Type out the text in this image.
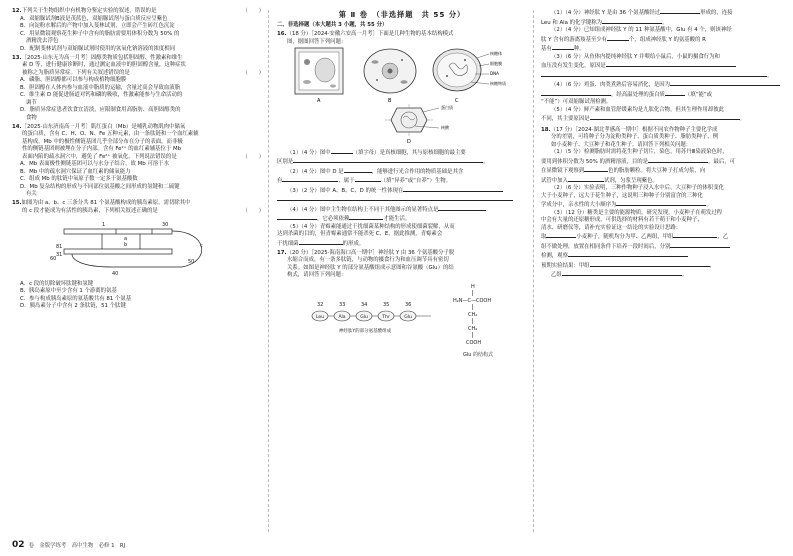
12.下列关于生物组织中有机物分鉴定实验的叙述，错误的是	（　　）
A．双缩脲试剂B液是茂蓝色，双缩脲试剂与蛋白质反应呈紫色
B．向淀粉水解后的产物中加入斐林试剂，立即会产生砖红色沉淀
C．用显微镜观察花生种子中含有的脂肪需要用体积分数为 50% 的
酒精洗去浮色
D．配制斐林试剂与双缩脲试剂时使用的氢氧化钠溶液的浓度相同
13.［2025·山东无为高一月考］固醇类物质包括胆固醇、性激素和维生
素 D 等，进行健康诊断时，通过测定血液中的胆固醇含量，这种症状
被称之为脂质异常症。下列有关叙述错误的是	（　　）
A．磷脂、胆固醇都可以参与构成植物细胞膜
B．胆固醇在人体内参与血液中脂质的运输，含量过高会导致血液脂
C．维生素 D 能促进肠道对钙和磷的吸收，性激素能参与生命活动的
调节
D．脂质异常症患者饮食宜清淡，应限制食用高脂肪、高胆固醇类的
食物
14.［2025·山东济南高一月考］肌红蛋白（Mb）是哺乳动物肌肉中储氧
的蛋白质，含有 C、H、O、N、Fe 五种元素，由一条肽链和一个血红素辅
基构成。Mb 中的极性侧链基团几乎全部分布在分子的表面，而非极
性的侧链基团则被埋在分子内部。含有 Fe²⁺ 的血红素辅基位于 Mb
表面内陷的疏水洞穴中，避免了 Fe²⁺ 被氧化。下列说法错误的是	（　　）
A．Mb 表面极性侧链基团可以与水分子结合，故 Mb 可溶于水
B．Mb 中的疏水洞穴保证了血红素的储氧能力
C．组成 Mb 的肽链中氧原子数一定多于氨基酸数
D．Mb 复杂结构的形成与不同部位氨基酸之间形成的氢键和二硫键
有关
15.如图为由 a、b、c 三条分共 81 个氨基酸构成的胰岛素原，需切除其中
的 c 段才能成为有活性的胰岛素，下列相关叙述正确的是	（　　）
1	30
81
31
40
60	50
a
b	c
A．c 段的切除破坏肽键和氢键
B．胰岛素原中至少含有 1 个游离的氨基
C．参与构成胰岛素原的氨基酸共有 81 个氨基
D．胰岛素分子中含有 2 条肽链，51 个肽键
第 Ⅱ 卷　（非选择题　共 55 分）
二、非选择题（本大题共 3 小题，共 55 分）
16.（18 分）［2024·安徽六安高一月考］下面是几种生物的基本结构模式
图，据图回答下列问题：
A	B
核糖体
细胞膜
DNA
核糖物质
C
蛋白质
核酸
D
（1）（4 分）图中	（填字母）是真核细胞，其与原核细胞的最主要
区别是	。
（2）（4 分）图中 D 是	，能够进行光合作用的物质基础是其含
有	，属于	（填“异养”或“自养”）生物。
（3）（2 分）图中 A、B、C、D 的统一性体现在
（4）（4 分）图中主生物在结构上不同于其他图示的显著特点是
，它必须依赖	才能生活。
（5）（4 分）青霉素能通过干扰细菌某种结构的形成使细菌裂解，从而
达到杀菌的目的，但青霉素通常不能杀死 C、E，据此推测，青霉素会
干扰细菌	的形成。
17.（20 分）［2025·海南海口高一期中］神经肽 Y 由 36 个氨基酸分子脱
水缩合而成，有一条多肽链，与动物的摄食行为和血压调节具有密切
关系。如图是神经肽 Y 的部分氨基酸组成示意图和谷氨酸（Glu）的结
构式，请回答下列问题：
32	33	34	35	36
Leu	Ala	Glu	Thr	Glu
神经肽Y的部分氨基酸组成
H
H₂N—C—COOH
CH₂
CH₂
COOH
Glu 的结构式
（1）（4 分）神经肽 Y 是由 36 个氨基酸经过	形成的，连接
Leu 和 Ala 的化学键称为	。
（2）（4 分）已知组成神经肽 Y 的 11 种氨基酸中，Glu 有 4 个，则该神经
肽 Y 含有的游离羧基至少有	个，组成神经肽 Y 的氨基酸的 R
基有	种。
（3）（6 分）从鱼体内提纯神经肽 Y 并喂给小鼠后，小鼠的摄食行为和
血压没有发生变化，原因是
。
（4）（6 分）鸡蛋、肉类煮熟后容易消化，是因为
，经高温处理的蛋白质	（填“能”或
“不能”）可双缩脲试剂检测。
（5）（4 分）鲜产素和血管舒缓素均是九肽化合物，但其生理作用却彼此
不同，其主要原因是	。
18.（17 分）［2024·湖北孝感高一期中］根据不同农作物种子主要化学成
分的差别，可将种子分为淀粉类种子、蛋白质类种子、脂肪类种子，例
如小麦种子、大豆种子和花生种子。请回答下列相关问题：
（1）（5 分）检测脂肪时需将花生种子切片，染色，用苏丹Ⅲ染液染色时，
要用到体积分数为 50% 的酒精溶液，目的是	，最后，可
在显微镜下观察到	色的脂肪颗粒。将大豆种子打成匀浆，向
试管中加入	试剂，匀浆呈现紫色。
（2）（6 分）实验表明，三种作物种子浸入水中后，大豆种子的体积变化
大于小麦种子，远大于花生种子，这说明三种种子分别富含的三种化
学成分中，亲水性的大小顺序为	。
（3）（12 分）糖类是主要的能源物质，研究发现，小麦种子在萌发过程
中会有大量的还原糖形成，可供选择的材料有若干萌干和小麦种子、
清水、研磨仪等，请补充实验证这一结论的实验设计思路：
取	小麦种子，随机均分为甲、乙两组，甲组	，乙
组不做处理，放置在相同条件下培养一段时间后，分别
检测，观察
预期实验结果：甲组	，
乙组	。
02 卷　金版学练考　高中生物　必修 1　RJ
